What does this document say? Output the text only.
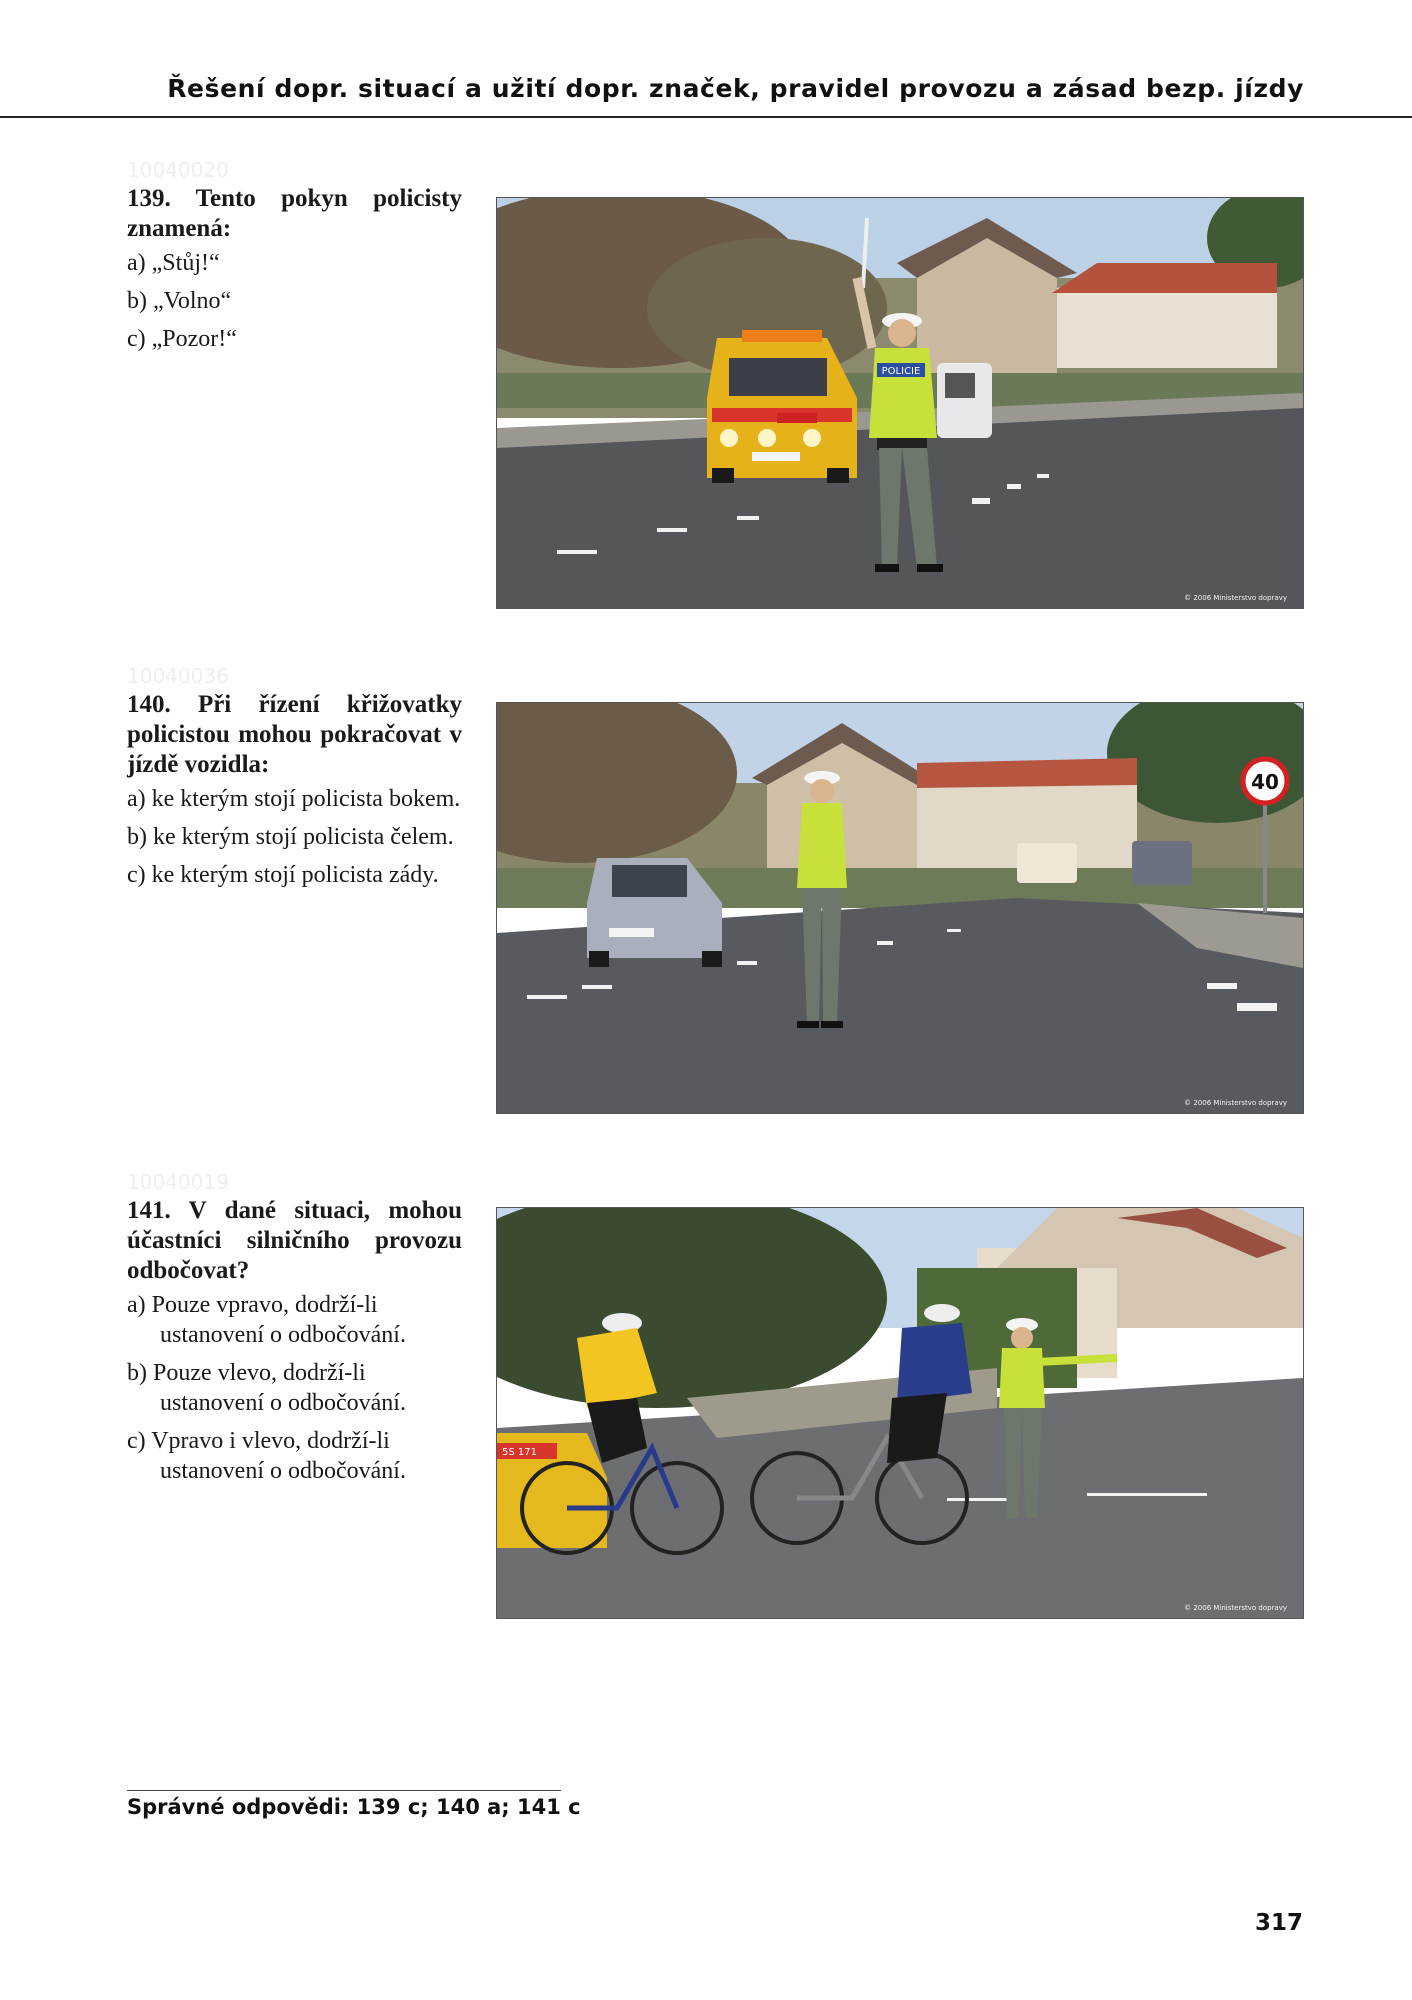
Řešení dopr. situací a užití dopr. značek, pravidel provozu a zásad bezp. jízdy
10040020
139. Tento pokyn policisty znamená:
a) „Stůj!“
b) „Volno“
c) „Pozor!“
POLICIE
© 2006 Ministerstvo dopravy
10040036
140. Při řízení křižovatky policistou mohou pokračovat v jízdě vozidla:
a) ke kterým stojí policista bokem.
b) ke kterým stojí policista čelem.
c) ke kterým stojí policista zády.
40
© 2006 Ministerstvo dopravy
10040019
141. V dané situaci, mohou účastníci silničního provozu odbočovat?
a) Pouze vpravo, dodrží-li ustanovení o odbočování.
b) Pouze vlevo, dodrží-li ustanovení o odbočování.
c) Vpravo i vlevo, dodrží-li ustanovení o odbočování.
5S 171
© 2006 Ministerstvo dopravy
Správné odpovědi: 139 c; 140 a; 141 c
317
